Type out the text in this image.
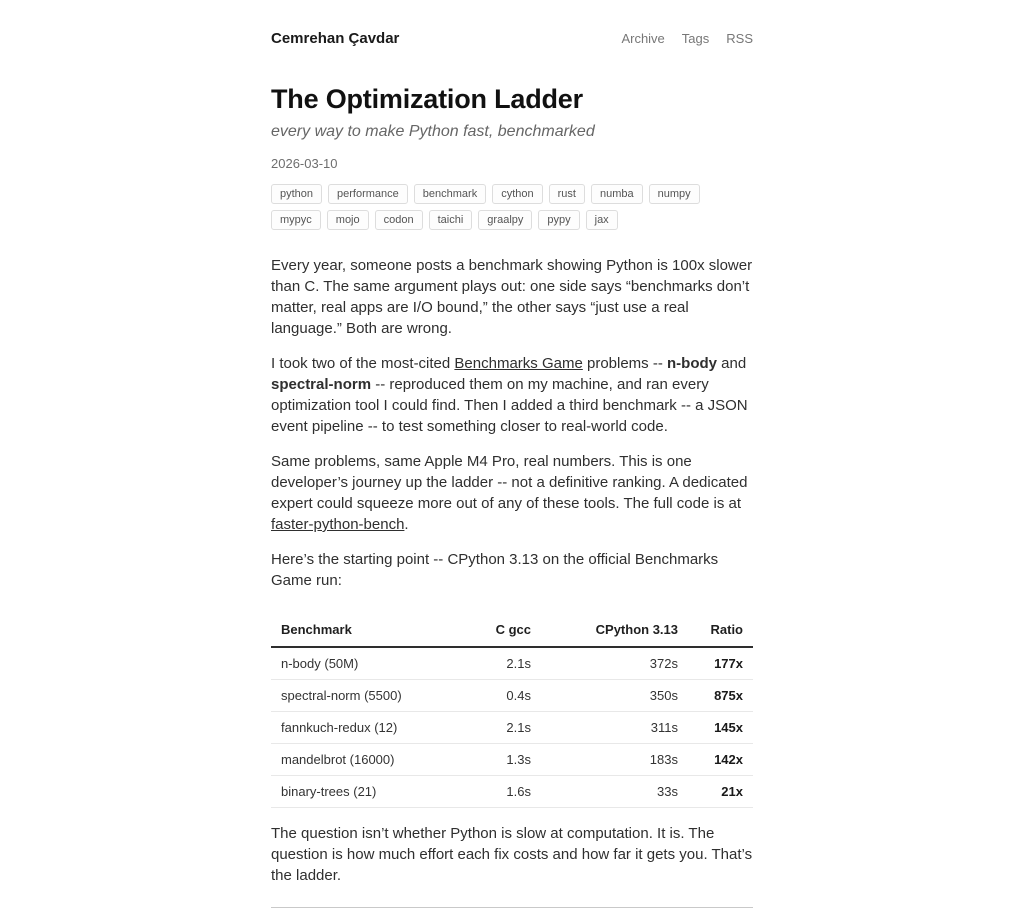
Cemrehan Çavdar	Archive Tags RSS
The Optimization Ladder
every way to make Python fast, benchmarked
2026-03-10
python	performance	benchmark	cython	rust	numba	numpy
mypyc	mojo	codon	taichi	graalpy	pypy	jax

Every year, someone posts a benchmark showing Python is 100x slower than C. The same argument plays out: one side says “benchmarks don’t matter, real apps are I/O bound,” the other says “just use a real language.” Both are wrong.

I took two of the most-cited Benchmarks Game problems -- n-body and spectral-norm -- reproduced them on my machine, and ran every optimization tool I could find. Then I added a third benchmark -- a JSON event pipeline -- to test something closer to real-world code.

Same problems, same Apple M4 Pro, real numbers. This is one developer’s journey up the ladder -- not a definitive ranking. A dedicated expert could squeeze more out of any of these tools. The full code is at faster-python-bench.

Here’s the starting point -- CPython 3.13 on the official Benchmarks Game run:

Benchmark	C gcc	CPython 3.13	Ratio
n-body (50M)	2.1s	372s	177x
spectral-norm (5500)	0.4s	350s	875x
fannkuch-redux (12)	2.1s	311s	145x
mandelbrot (16000)	1.3s	183s	142x
binary-trees (21)	1.6s	33s	21x

The question isn’t whether Python is slow at computation. It is. The question is how much effort each fix costs and how far it gets you. That’s the ladder.
